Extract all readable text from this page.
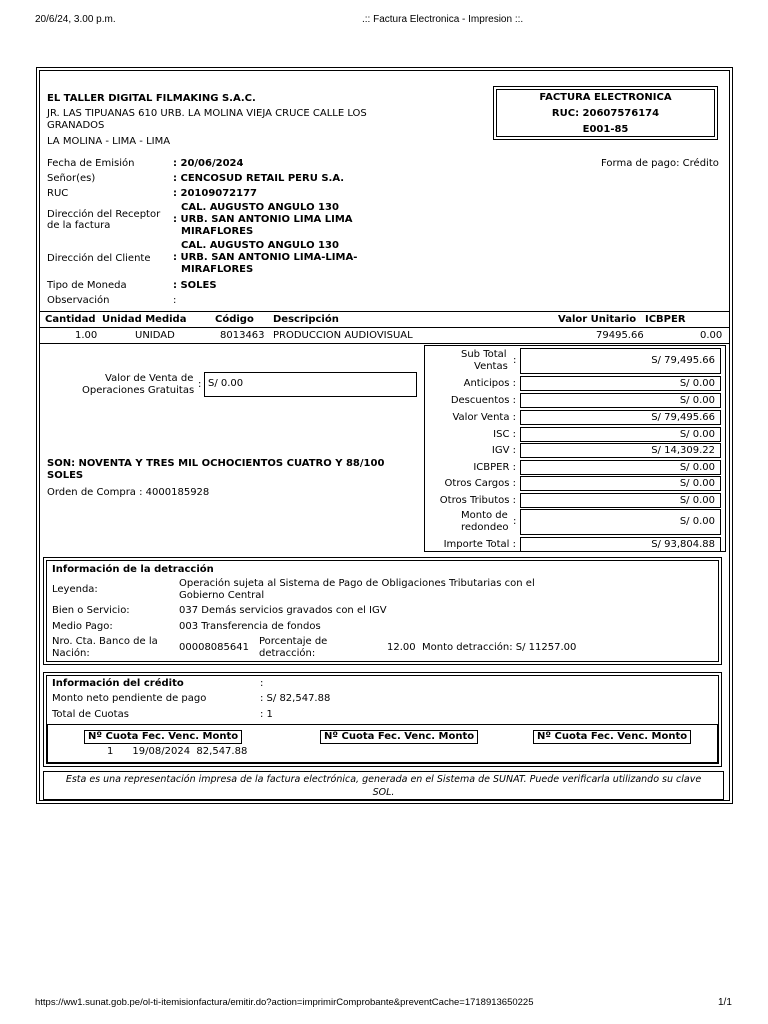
20/6/24, 3.00 p.m.	.:: Factura Electronica - Impresion ::.
https://ww1.sunat.gob.pe/ol-ti-itemisionfactura/emitir.do?action=imprimirComprobante&preventCache=1718913650225	1/1
EL TALLER DIGITAL FILMAKING S.A.C.
JR. LAS TIPUANAS 610 URB. LA MOLINA VIEJA CRUCE CALLE LOS
GRANADOS
LA MOLINA - LIMA - LIMA
FACTURA ELECTRONICA
RUC: 20607576174
E001-85
Fecha de Emisión	: 20/06/2024	Forma de pago: Crédito
Señor(es)	: CENCOSUD RETAIL PERU S.A.
RUC	: 20109072177
Dirección del Receptor
de la factura
CAL. AUGUSTO ANGULO 130
: URB. SAN ANTONIO LIMA LIMA
MIRAFLORES
Dirección del Cliente
CAL. AUGUSTO ANGULO 130
: URB. SAN ANTONIO LIMA-LIMA-
MIRAFLORES
Tipo de Moneda	: SOLES
Observación	:
Cantidad Unidad Medida	Código Descripción	Valor Unitario ICBPER
1.00	UNIDAD	8013463 PRODUCCION AUDIOVISUAL	79495.66	0.00
Valor de Venta de
Operaciones Gratuitas
: S/ 0.00
SON: NOVENTA Y TRES MIL OCHOCIENTOS CUATRO Y 88/100
SOLES
Orden de Compra : 4000185928
Sub Total
Ventas
:	S/ 79,495.66
Anticipos :	S/ 0.00
Descuentos :	S/ 0.00
Valor Venta :	S/ 79,495.66
ISC :	S/ 0.00
IGV :	S/ 14,309.22
ICBPER :	S/ 0.00
Otros Cargos :	S/ 0.00
Otros Tributos :	S/ 0.00
Monto de
redondeo
:	S/ 0.00
Importe Total :	S/ 93,804.88
Información de la detracción
Leyenda:
Operación sujeta al Sistema de Pago de Obligaciones Tributarias con el
Gobierno Central
Bien o Servicio:	037 Demás servicios gravados con el IGV
Medio Pago:	003 Transferencia de fondos
Nro. Cta. Banco de la
Nación:
00008085641
Porcentaje de
detracción:
12.00 Monto detracción: S/ 11257.00
Información del crédito	:
Monto neto pendiente de pago	: S/ 82,547.88
Total de Cuotas	: 1
Nº Cuota Fec. Venc. Monto	Nº Cuota Fec. Venc. Monto	Nº Cuota Fec. Venc. Monto
1      19/08/2024  82,547.88
Esta es una representación impresa de la factura electrónica, generada en el Sistema de SUNAT. Puede verificarla utilizando su clave
SOL.
